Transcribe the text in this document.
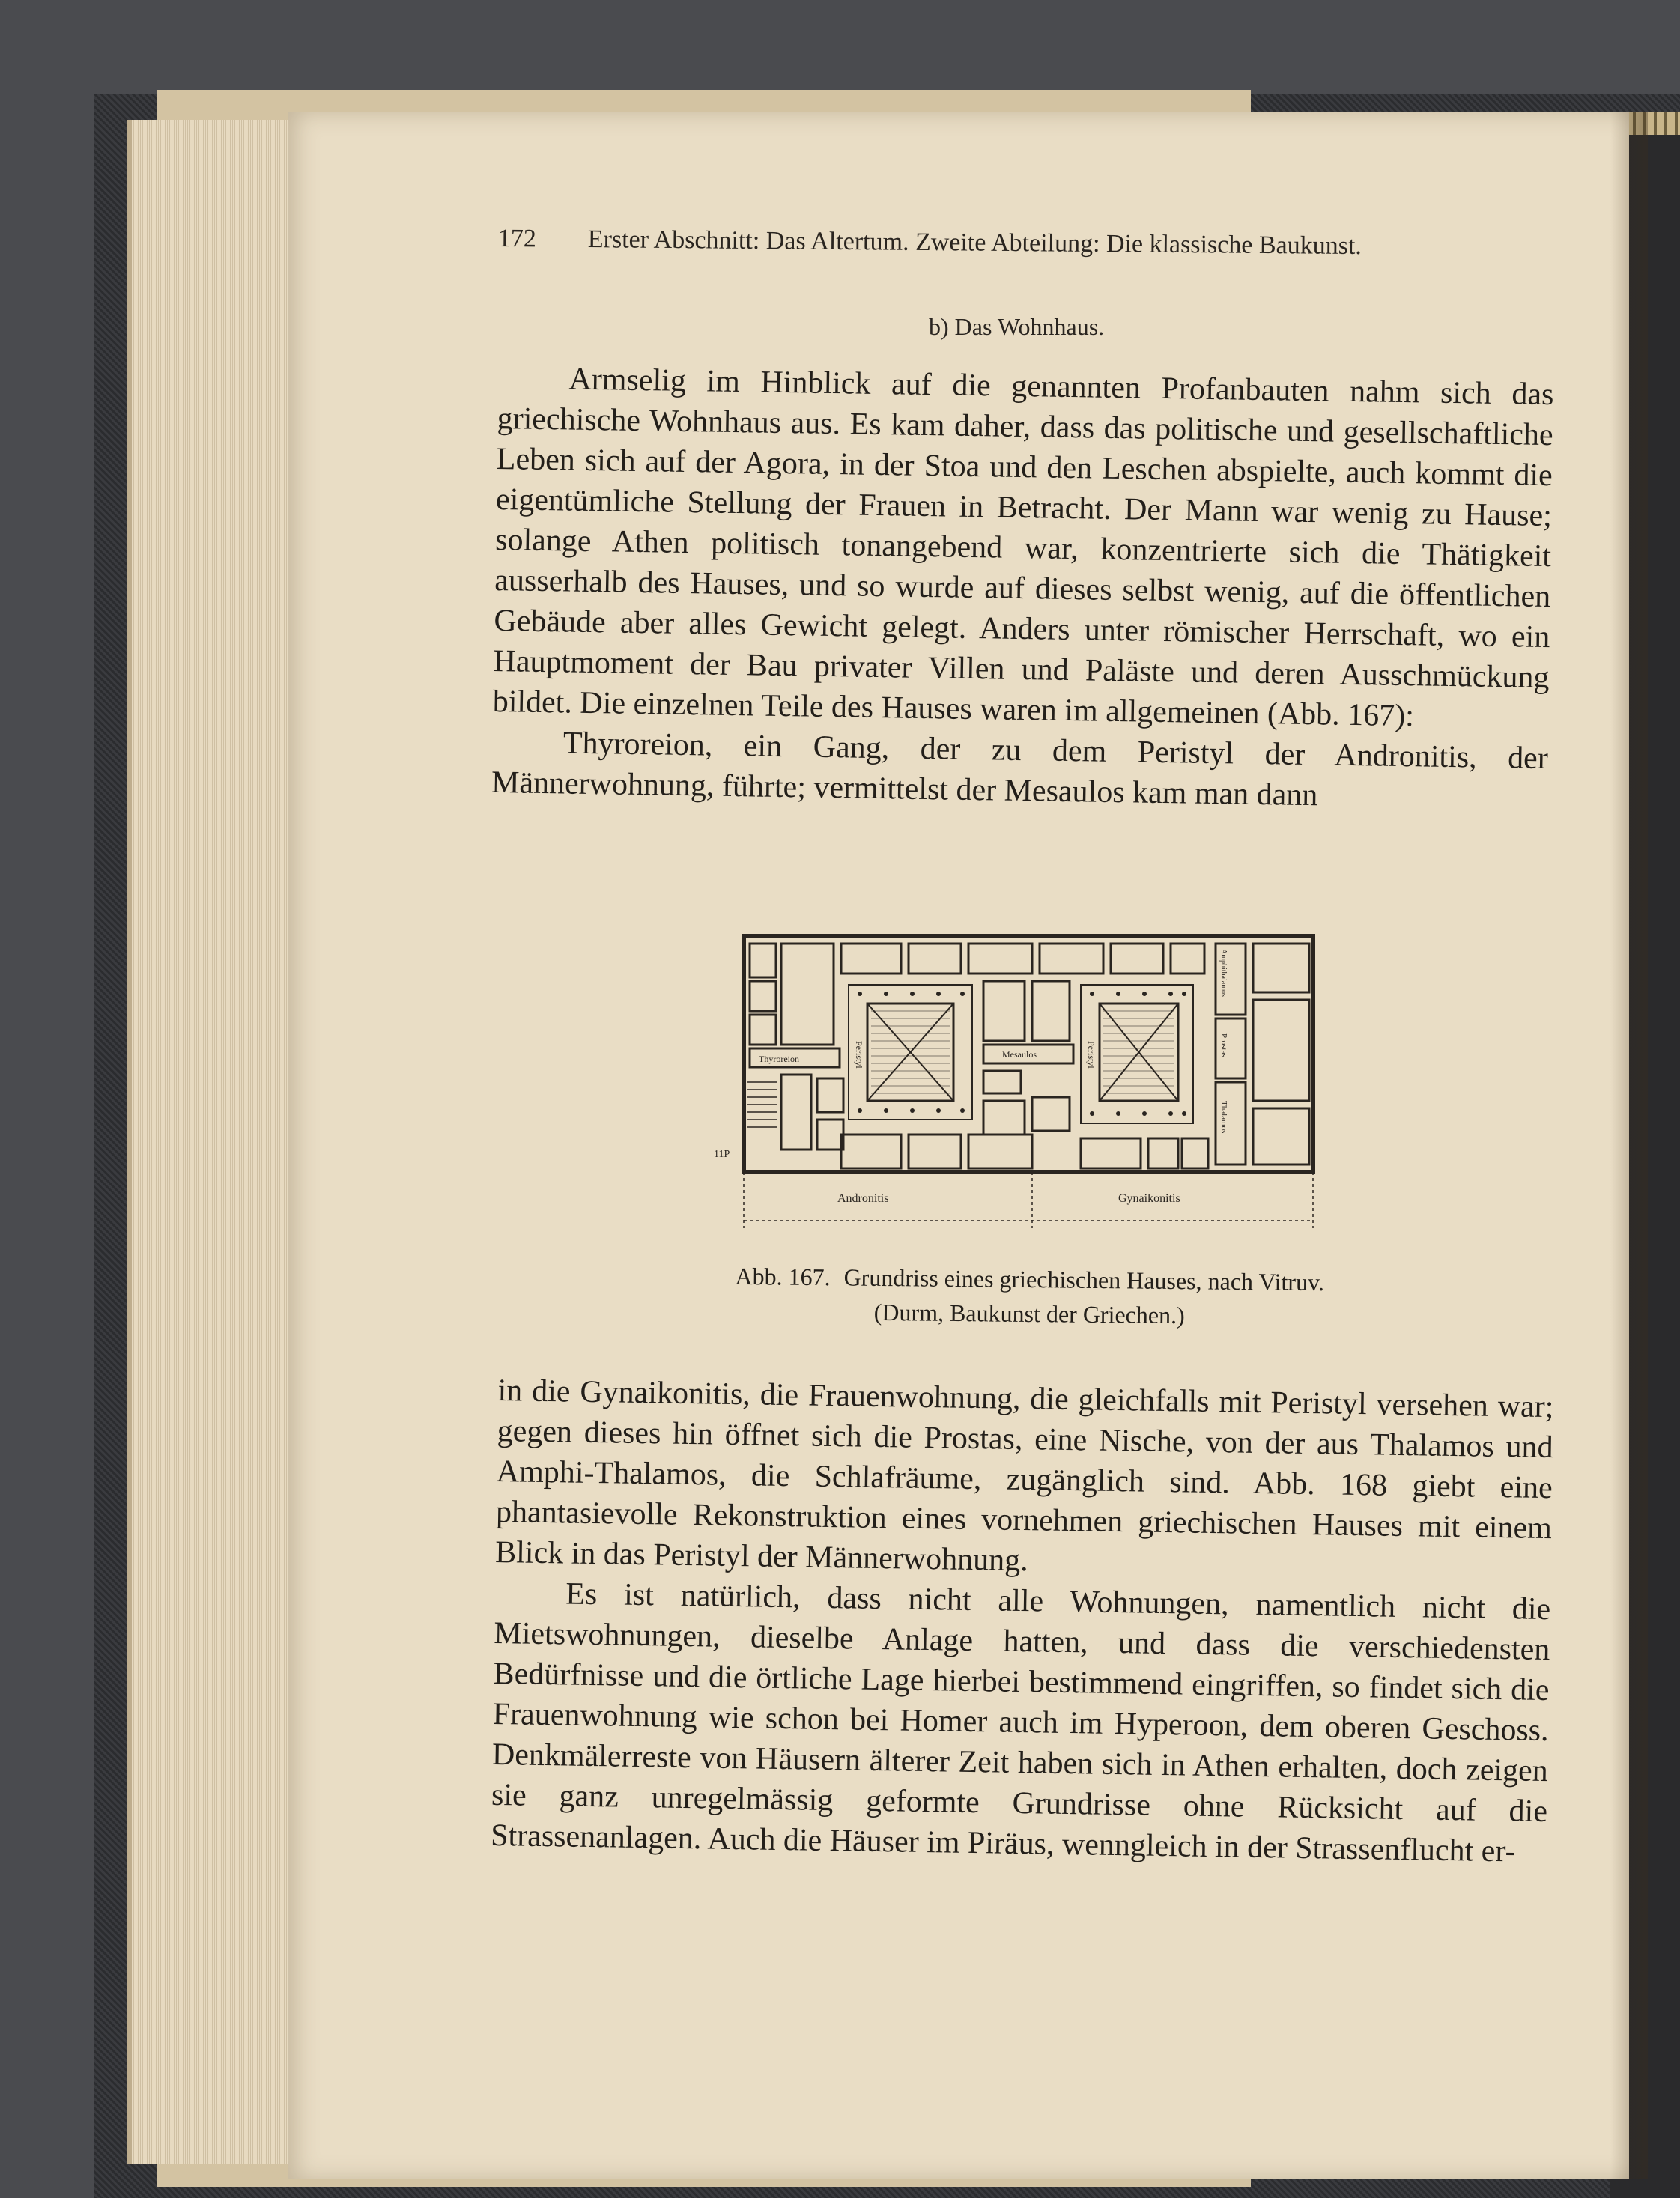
172 Erster Abschnitt: Das Altertum. Zweite Abteilung: Die klassische Baukunst.
b) Das Wohnhaus.

Armselig im Hinblick auf die genannten Profanbauten nahm sich das griechische Wohnhaus aus. Es kam daher, dass das politische und gesellschaftliche Leben sich auf der Agora, in der Stoa und den Leschen abspielte, auch kommt die eigentümliche Stellung der Frauen in Betracht. Der Mann war wenig zu Hause; solange Athen politisch tonangebend war, konzentrierte sich die Thätigkeit ausserhalb des Hauses, und so wurde auf dieses selbst wenig, auf die öffentlichen Gebäude aber alles Gewicht gelegt. Anders unter römischer Herrschaft, wo ein Hauptmoment der Bau privater Villen und Paläste und deren Ausschmückung bildet. Die einzelnen Teile des Hauses waren im allgemeinen (Abb. 167):

Thyroreion, ein Gang, der zu dem Peristyl der Andronitis, der Männerwohnung, führte; vermittelst der Mesaulos kam man dann

Thyroreion	Mesaulos
Peristyl	Peristyl	Prostas
Thalamos
Amphithalamos
Andronitis	Gynaikonitis
11P
Abb. 167. Grundriss eines griechischen Hauses, nach Vitruv.
(Durm, Baukunst der Griechen.)

in die Gynaikonitis, die Frauenwohnung, die gleichfalls mit Peristyl versehen war; gegen dieses hin öffnet sich die Prostas, eine Nische, von der aus Thalamos und Amphi-Thalamos, die Schlafräume, zugänglich sind. Abb. 168 giebt eine phantasievolle Rekonstruktion eines vornehmen griechischen Hauses mit einem Blick in das Peristyl der Männerwohnung.

Es ist natürlich, dass nicht alle Wohnungen, namentlich nicht die Mietswohnungen, dieselbe Anlage hatten, und dass die verschiedensten Bedürfnisse und die örtliche Lage hierbei bestimmend eingriffen, so findet sich die Frauenwohnung wie schon bei Homer auch im Hyperoon, dem oberen Geschoss. Denkmälerreste von Häusern älterer Zeit haben sich in Athen erhalten, doch zeigen sie ganz unregelmässig geformte Grundrisse ohne Rücksicht auf die Strassenanlagen. Auch die Häuser im Piräus, wenngleich in der Strassenflucht er-
